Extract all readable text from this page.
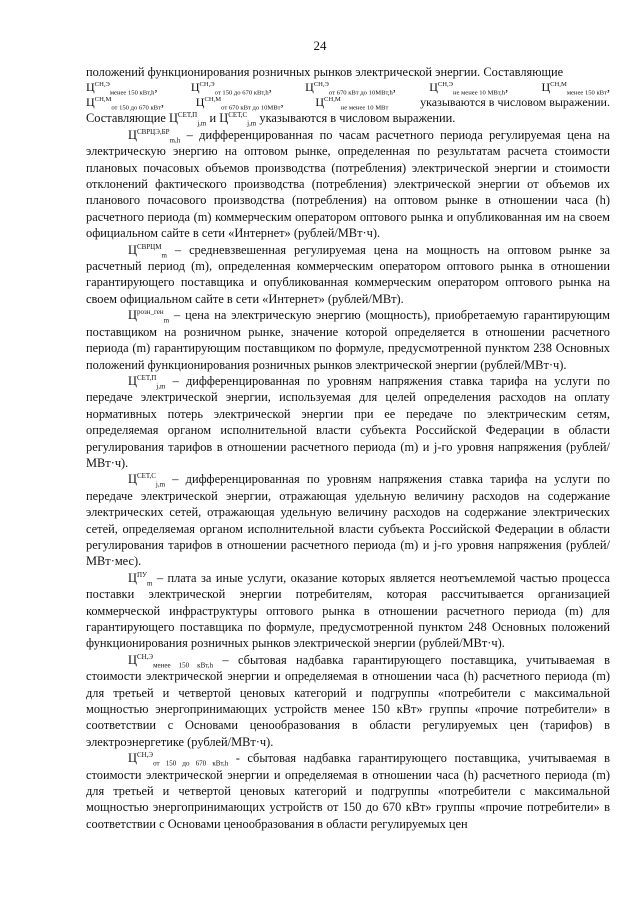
24

положений функционирования розничных рынков электрической энергии. Составляющие

$Ц^{СН,Э}_{менее 150 кВт,h}$,	$Ц^{СН,Э}_{от 150 до 670 кВт,h}$,	$Ц^{СН,Э}_{от 670 кВт до 10МВт,h}$,	$Ц^{СН,Э}_{не менее 10 МВт,h}$,	$Ц^{СН,М}_{менее 150 кВт}$,
$Ц^{СН,М}_{от 150 до 670 кВт}$,	$Ц^{СН,М}_{от 670 кВт до 10МВт}$,	$Ц^{СН,М}_{не менее 10 МВт}$	указываются в числовом выражении.

Составляющие $Ц^{СЕТ,П}_{j,m}$ и $Ц^{СЕТ,С}_{j,m}$ указываются в числовом выражении.

$Ц^{СВРЦЭ,БР}_{m,h}$ – дифференцированная по часам расчетного периода регулируемая цена на электрическую энергию на оптовом рынке, определенная по результатам расчета стоимости плановых почасовых объемов производства (потребления) электрической энергии и стоимости отклонений фактического производства (потребления) электрической энергии от объемов их планового почасового производства (потребления) на оптовом рынке в отношении часа (h) расчетного периода (m) коммерческим оператором оптового рынка и опубликованная им на своем официальном сайте в сети «Интернет» (рублей/МВт·ч).

$Ц^{СВРЦМ}_m$ – средневзвешенная регулируемая цена на мощность на оптовом рынке за расчетный период (m), определенная коммерческим оператором оптового рынка в отношении гарантирующего поставщика и опубликованная коммерческим оператором оптового рынка на своем официальном сайте в сети «Интернет» (рублей/МВт).

$Ц^{розн\_ген}_m$ – цена на электрическую энергию (мощность), приобретаемую гарантирующим поставщиком на розничном рынке, значение которой определяется в отношении расчетного периода (m) гарантирующим поставщиком по формуле, предусмотренной пунктом 238 Основных положений функционирования розничных рынков электрической энергии (рублей/МВт·ч).

$Ц^{СЕТ,П}_{j,m}$ – дифференцированная по уровням напряжения ставка тарифа на услуги по передаче электрической энергии, используемая для целей определения расходов на оплату нормативных потерь электрической энергии при ее передаче по электрическим сетям, определяемая органом исполнительной власти субъекта Российской Федерации в области регулирования тарифов в отношении расчетного периода (m) и j-го уровня напряжения (рублей/МВт·ч).

$Ц^{СЕТ,С}_{j,m}$ – дифференцированная по уровням напряжения ставка тарифа на услуги по передаче электрической энергии, отражающая удельную величину расходов на содержание электрических сетей, отражающая удельную величину расходов на содержание электрических сетей, определяемая органом исполнительной власти субъекта Российской Федерации в области регулирования тарифов в отношении расчетного периода (m) и j-го уровня напряжения (рублей/МВт·мес).

$Ц^{ПУ}_m$ – плата за иные услуги, оказание которых является неотъемлемой частью процесса поставки электрической энергии потребителям, которая рассчитывается организацией коммерческой инфраструктуры оптового рынка в отношении расчетного периода (m) для гарантирующего поставщика по формуле, предусмотренной пунктом 248 Основных положений функционирования розничных рынков электрической энергии (рублей/МВт·ч).

$Ц^{СН,Э}_{менее 150 кВт,h}$ – сбытовая надбавка гарантирующего поставщика, учитываемая в стоимости электрической энергии и определяемая в отношении часа (h) расчетного периода (m) для третьей и четвертой ценовых категорий и подгруппы «потребители с максимальной мощностью энергопринимающих устройств менее 150 кВт» группы «прочие потребители» в соответствии с Основами ценообразования в области регулируемых цен (тарифов) в электроэнергетике (рублей/МВт·ч).

$Ц^{СН,Э}_{от 150 до 670 кВт,h}$ - сбытовая надбавка гарантирующего поставщика, учитываемая в стоимости электрической энергии и определяемая в отношении часа (h) расчетного периода (m) для третьей и четвертой ценовых категорий и подгруппы «потребители с максимальной мощностью энергопринимающих устройств от 150 до 670 кВт» группы «прочие потребители» в соответствии с Основами ценообразования в области регулируемых цен
